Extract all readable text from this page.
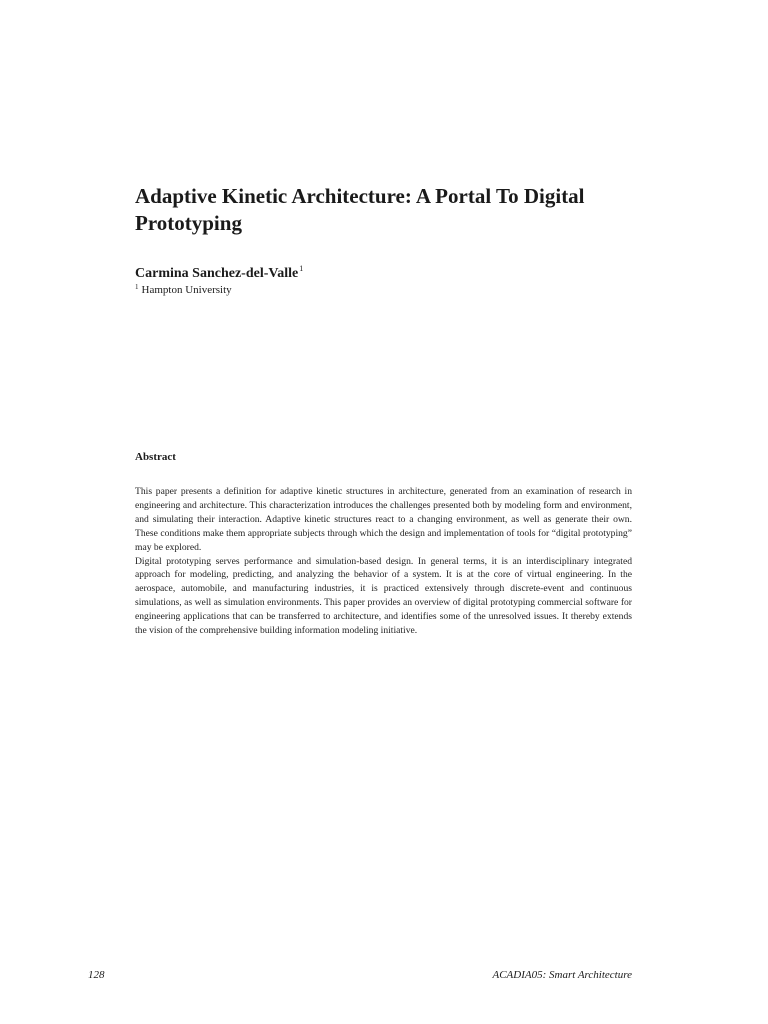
Adaptive Kinetic Architecture: A Portal To Digital Prototyping

Carmina Sanchez-del-Valle$^1$

$^1$ Hampton University

Abstract

This paper presents a definition for adaptive kinetic structures in architecture, generated from an examination of research in engineering and architecture. This characterization introduces the challenges presented both by modeling form and environment, and simulating their interaction. Adaptive kinetic structures react to a changing environment, as well as generate their own. These conditions make them appropriate subjects through which the design and implementation of tools for “digital prototyping” may be explored.

Digital prototyping serves performance and simulation-based design. In general terms, it is an interdisciplinary integrated approach for modeling, predicting, and analyzing the behavior of a system. It is at the core of virtual engineering. In the aerospace, automobile, and manufacturing industries, it is practiced extensively through discrete-event and continuous simulations, as well as simulation environments. This paper provides an overview of digital prototyping commercial software for engineering applications that can be transferred to architecture, and identifies some of the unresolved issues. It thereby extends the vision of the comprehensive building information modeling initiative.

128	ACADIA05: Smart Architecture
